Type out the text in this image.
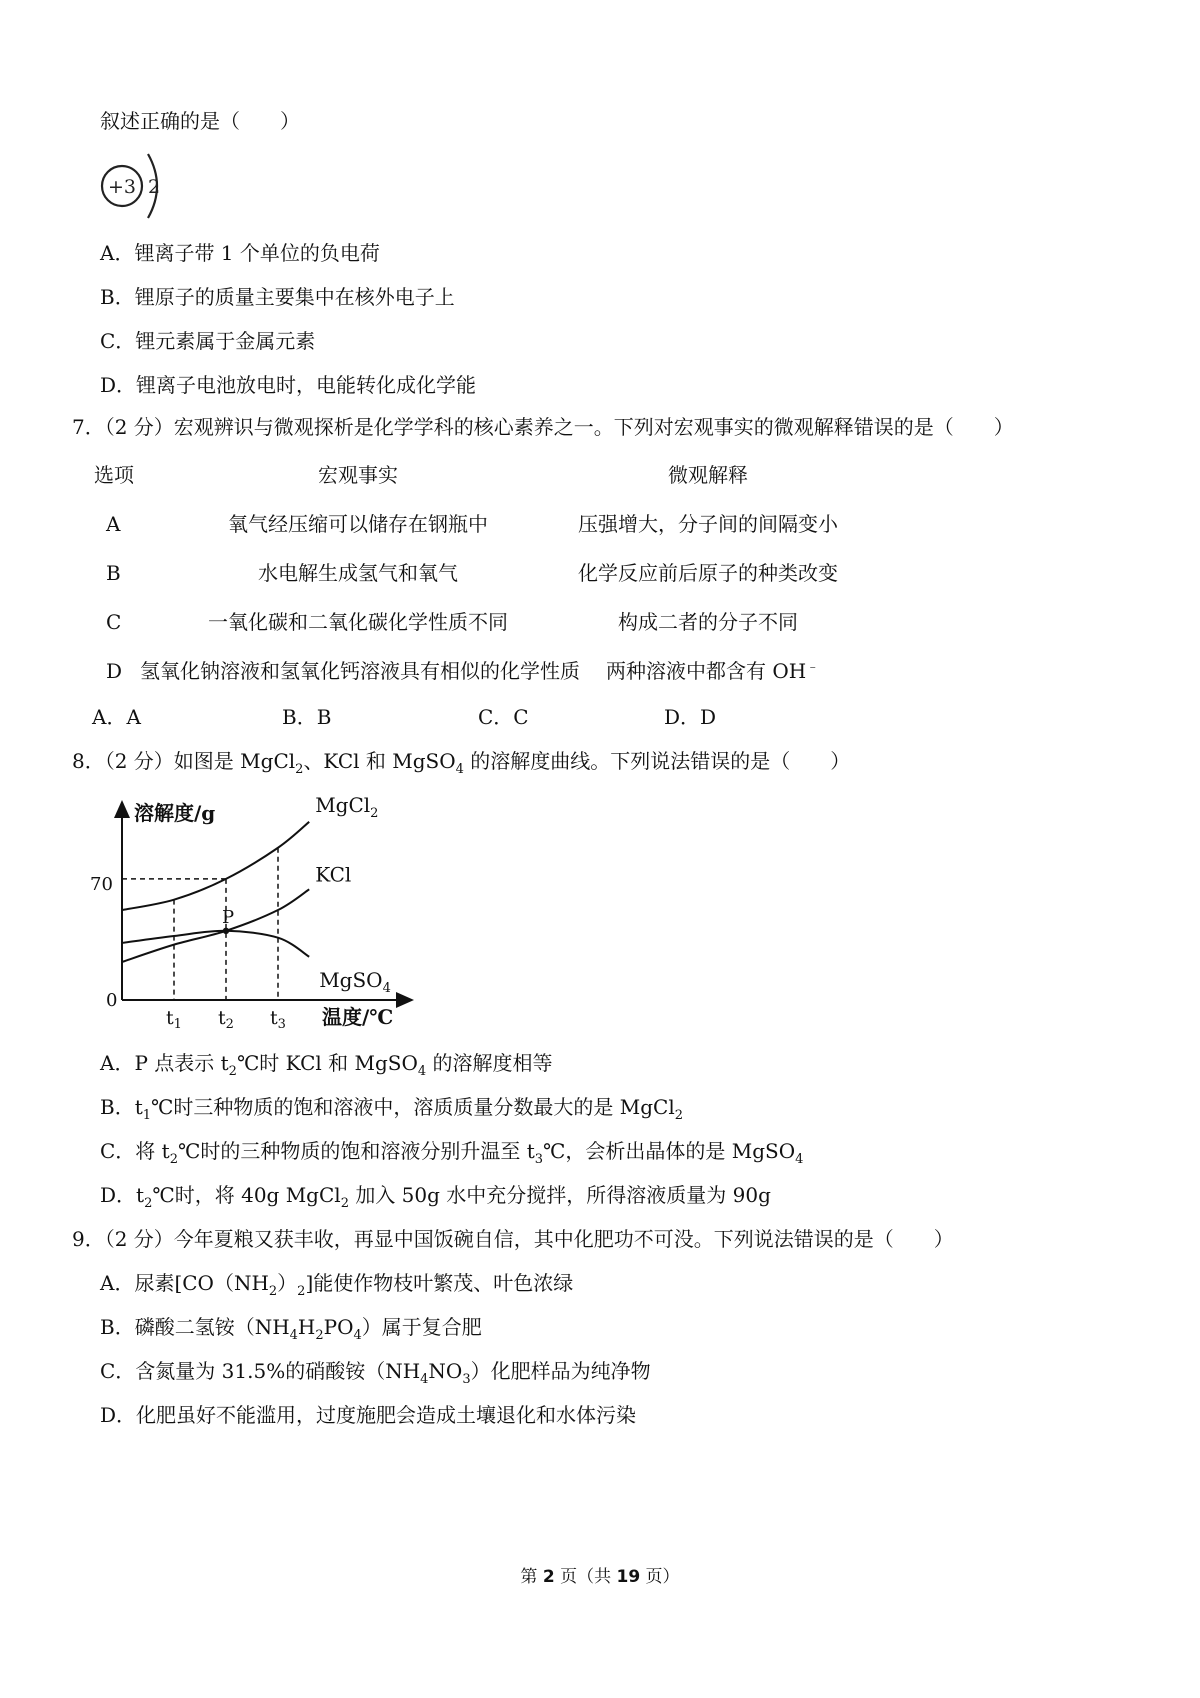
叙述正确的是（　　）
+3 2
A．锂离子带 1 个单位的负电荷
B．锂原子的质量主要集中在核外电子上
C．锂元素属于金属元素
D．锂离子电池放电时，电能转化成化学能
7．（2 分）宏观辨识与微观探析是化学学科的核心素养之一。下列对宏观事实的微观解释错误的是（　　）
选项	宏观事实	微观解释
A	氧气经压缩可以储存在钢瓶中	压强增大，分子间的间隔变小
B	水电解生成氢气和氧气	化学反应前后原子的种类改变
C	一氧化碳和二氧化碳化学性质不同	构成二者的分子不同
D 氢氧化钠溶液和氢氧化钙溶液具有相似的化学性质 两种溶液中都含有 OH﹣
A．A	B．B	C．C	D．D
8．（2 分）如图是 MgCl$_2$、KCl 和 MgSO$_4$ 的溶解度曲线。下列说法错误的是（　　）
溶解度/g
温度/℃
0
70
MgCl$_2$
KCl
MgSO$_4$
$t_1$ $t_2$ $t_3$
P
A．P 点表示 $t_2℃$时 KCl 和 MgSO$_4$ 的溶解度相等
B．$t_1℃$时三种物质的饱和溶液中，溶质质量分数最大的是 MgCl$_2$
C．将 $t_2℃$时的三种物质的饱和溶液分别升温至 $t_3℃$，会析出晶体的是 MgSO$_4$
D．$t_2℃$时，将 40g MgCl$_2$ 加入 50g 水中充分搅拌，所得溶液质量为 90g
9．（2 分）今年夏粮又获丰收，再显中国饭碗自信，其中化肥功不可没。下列说法错误的是（　　）
A．尿素$[CO(NH_2)_2]$能使作物枝叶繁茂、叶色浓绿
B．磷酸二氢铵$(NH_4H_2PO_4)$属于复合肥
C．含氮量为 31.5%的硝酸铵$(NH_4NO_3)$化肥样品为纯净物
D．化肥虽好不能滥用，过度施肥会造成土壤退化和水体污染
第 2 页（共 19 页）
